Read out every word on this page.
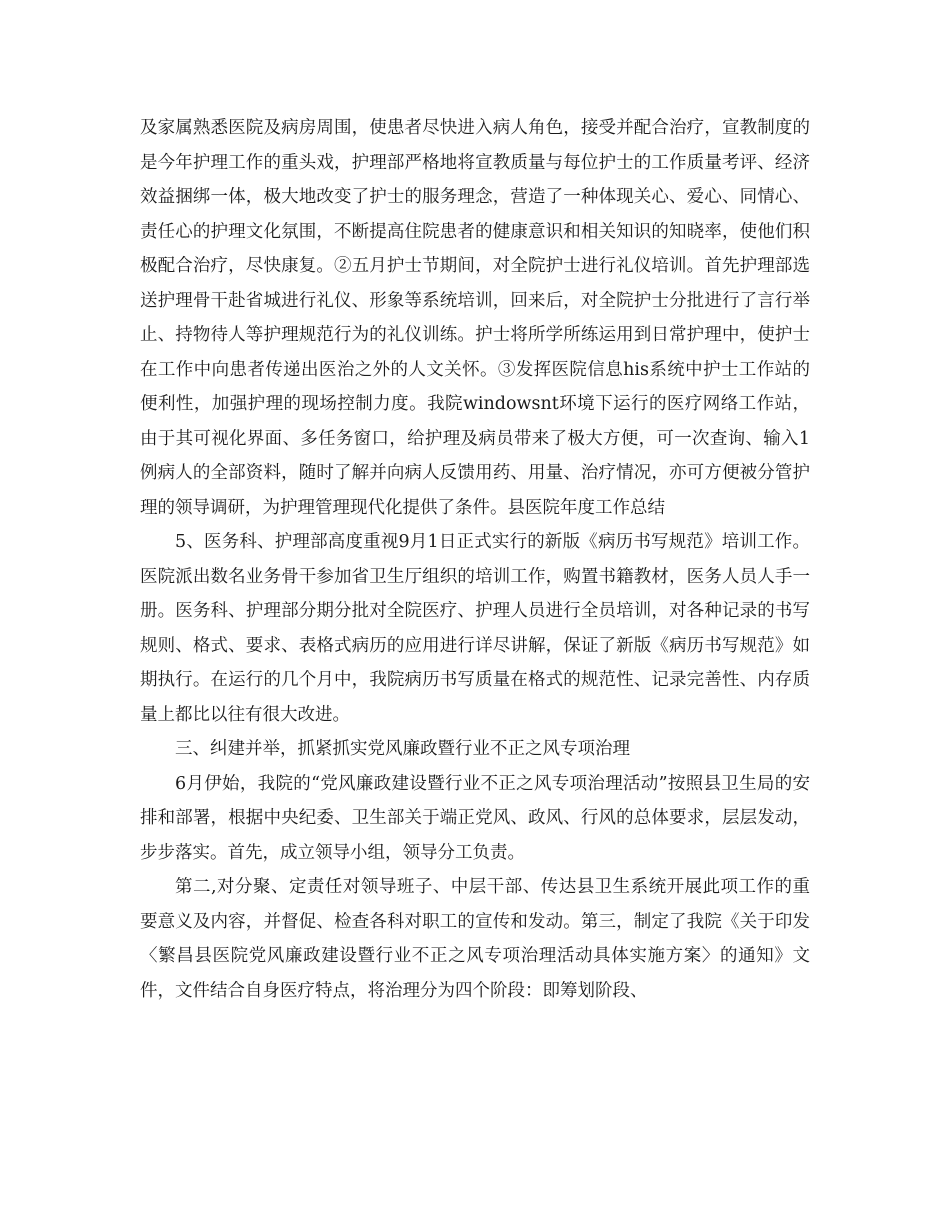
及家属熟悉医院及病房周围，使患者尽快进入病人角色，接受并配合治疗，宣教制度的是今年护理工作的重头戏，护理部严格地将宣教质量与每位护士的工作质量考评、经济效益捆绑一体，极大地改变了护士的服务理念，营造了一种体现关心、爱心、同情心、责任心的护理文化氛围，不断提高住院患者的健康意识和相关知识的知晓率，使他们积极配合治疗，尽快康复。②五月护士节期间，对全院护士进行礼仪培训。首先护理部选送护理骨干赴省城进行礼仪、形象等系统培训，回来后，对全院护士分批进行了言行举止、持物待人等护理规范行为的礼仪训练。护士将所学所练运用到日常护理中，使护士在工作中向患者传递出医治之外的人文关怀。③发挥医院信息his系统中护士工作站的便利性，加强护理的现场控制力度。我院windowsnt环境下运行的医疗网络工作站，由于其可视化界面、多任务窗口，给护理及病员带来了极大方便，可一次查询、输入1例病人的全部资料，随时了解并向病人反馈用药、用量、治疗情况，亦可方便被分管护理的领导调研，为护理管理现代化提供了条件。县医院年度工作总结

5、医务科、护理部高度重视9月1日正式实行的新版《病历书写规范》培训工作。医院派出数名业务骨干参加省卫生厅组织的培训工作，购置书籍教材，医务人员人手一册。医务科、护理部分期分批对全院医疗、护理人员进行全员培训，对各种记录的书写规则、格式、要求、表格式病历的应用进行详尽讲解，保证了新版《病历书写规范》如期执行。在运行的几个月中，我院病历书写质量在格式的规范性、记录完善性、内存质量上都比以往有很大改进。

三、纠建并举，抓紧抓实党风廉政暨行业不正之风专项治理

6月伊始，我院的“党风廉政建设暨行业不正之风专项治理活动”按照县卫生局的安排和部署，根据中央纪委、卫生部关于端正党风、政风、行风的总体要求，层层发动，步步落实。首先，成立领导小组，领导分工负责。

第二,对分聚、定责任对领导班子、中层干部、传达县卫生系统开展此项工作的重要意义及内容，并督促、检查各科对职工的宣传和发动。第三，制定了我院《关于印发〈繁昌县医院党风廉政建设暨行业不正之风专项治理活动具体实施方案〉的通知》文件，文件结合自身医疗特点，将治理分为四个阶段：即筹划阶段、
